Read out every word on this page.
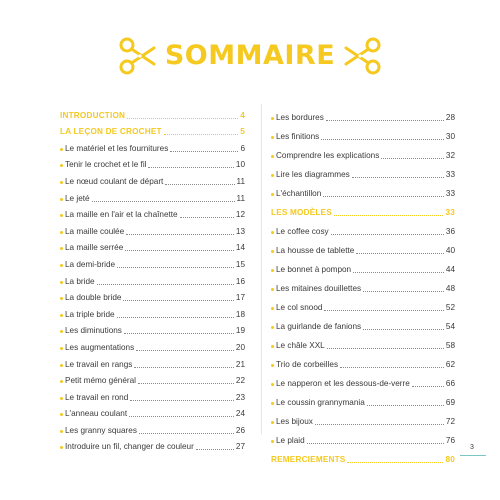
SOMMAIRE
INTRODUCTION	4
LA LEÇON DE CROCHET	5
Le matériel et les fournitures	6
Tenir le crochet et le fil	10
Le nœud coulant de départ	11
Le jeté	11
La maille en l'air et la chaînette	12
La maille coulée	13
La maille serrée	14
La demi-bride	15
La bride	16
La double bride	17
La triple bride	18
Les diminutions	19
Les augmentations	20
Le travail en rangs	21
Petit mémo général	22
Le travail en rond	23
L'anneau coulant	24
Les granny squares	26
Introduire un fil, changer de couleur	27
Les bordures	28
Les finitions	30
Comprendre les explications	32
Lire les diagrammes	33
L'échantillon	33
LES MODÈLES	33
Le coffee cosy	36
La housse de tablette	40
Le bonnet à pompon	44
Les mitaines douillettes	48
Le col snood	52
La guirlande de fanions	54
Le châle XXL	58
Trio de corbeilles	62
Le napperon et les dessous-de-verre	66
Le coussin grannymania	69
Les bijoux	72
Le plaid	76
REMERCIEMENTS	80
3
